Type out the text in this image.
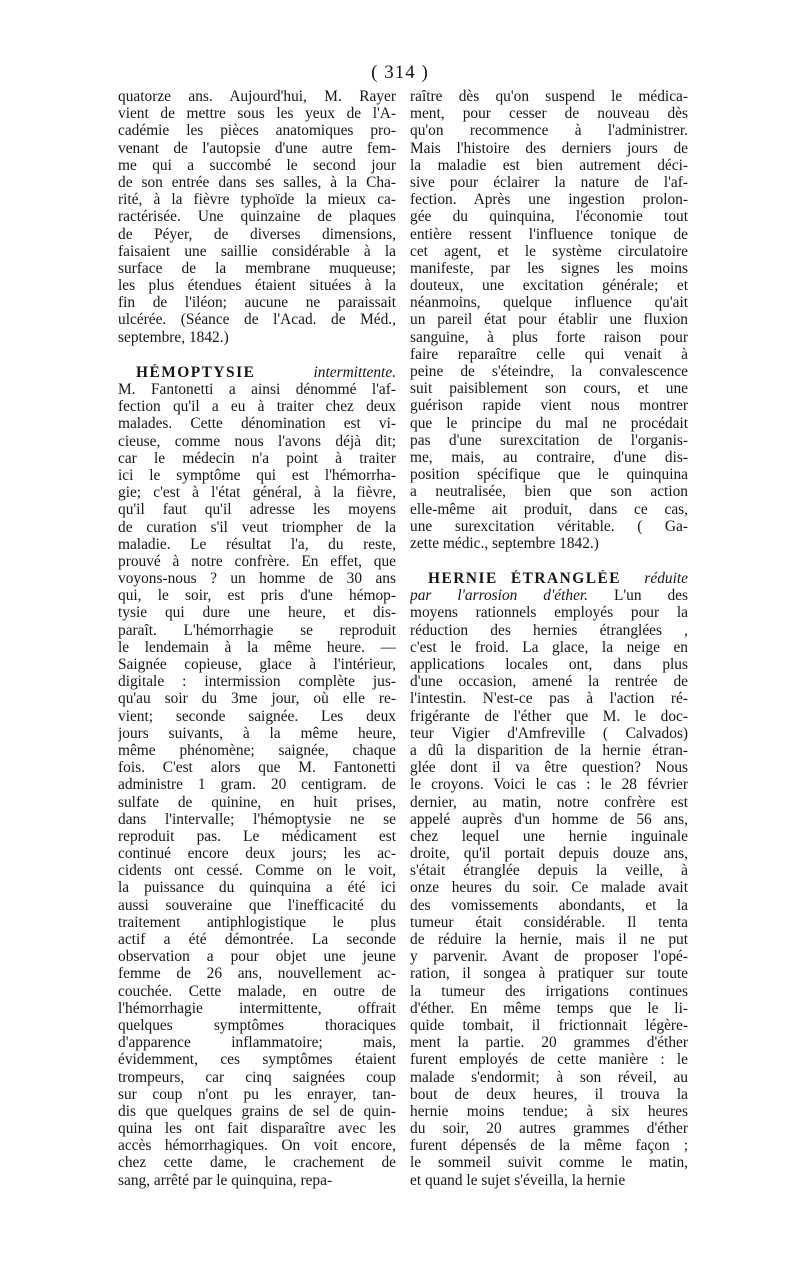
( 314 )
quatorze ans. Aujourd'hui, M. Rayer
vient de mettre sous les yeux de l'A-
cadémie les pièces anatomiques pro-
venant de l'autopsie d'une autre fem-
me qui a succombé le second jour
de son entrée dans ses salles, à la Cha-
rité, à la fièvre typhoïde la mieux ca-
ractérisée. Une quinzaine de plaques
de Péyer, de diverses dimensions,
faisaient une saillie considérable à la
surface de la membrane muqueuse;
les plus étendues étaient situées à la
fin de l'iléon; aucune ne paraissait
ulcérée. (Séance de l'Acad. de Méd.,
septembre, 1842.)
HÉMOPTYSIE	intermittente.
M. Fantonetti a ainsi dénommé l'af-
fection qu'il a eu à traiter chez deux
malades. Cette dénomination est vi-
cieuse, comme nous l'avons déjà dit;
car le médecin n'a point à traiter
ici le symptôme qui est l'hémorrha-
gie; c'est à l'état général, à la fièvre,
qu'il faut qu'il adresse les moyens
de curation s'il veut triompher de la
maladie. Le résultat l'a, du reste,
prouvé à notre confrère. En effet, que
voyons-nous ? un homme de 30 ans
qui, le soir, est pris d'une hémop-
tysie qui dure une heure, et dis-
paraît. L'hémorrhagie se reproduit
le lendemain à la même heure. —
Saignée copieuse, glace à l'intérieur,
digitale : intermission complète jus-
qu'au soir du 3me jour, où elle re-
vient; seconde saignée. Les deux
jours suivants, à la même heure,
même phénomène; saignée, chaque
fois. C'est alors que M. Fantonetti
administre 1 gram. 20 centigram. de
sulfate de quinine, en huit prises,
dans l'intervalle; l'hémoptysie ne se
reproduit pas. Le médicament est
continué encore deux jours; les ac-
cidents ont cessé. Comme on le voit,
la puissance du quinquina a été ici
aussi souveraine que l'inefficacité du
traitement antiphlogistique le plus
actif a été démontrée. La seconde
observation a pour objet une jeune
femme de 26 ans, nouvellement ac-
couchée. Cette malade, en outre de
l'hémorrhagie intermittente, offrait
quelques symptômes thoraciques
d'apparence inflammatoire; mais,
évidemment, ces symptômes étaient
trompeurs, car cinq saignées coup
sur coup n'ont pu les enrayer, tan-
dis que quelques grains de sel de quin-
quina les ont fait disparaître avec les
accès hémorrhagiques. On voit encore,
chez cette dame, le crachement de
sang, arrêté par le quinquina, repa-
raître dès qu'on suspend le médica-
ment, pour cesser de nouveau dès
qu'on recommence à l'administrer.
Mais l'histoire des derniers jours de
la maladie est bien autrement déci-
sive pour éclairer la nature de l'af-
fection. Après une ingestion prolon-
gée du quinquina, l'économie tout
entière ressent l'influence tonique de
cet agent, et le système circulatoire
manifeste, par les signes les moins
douteux, une excitation générale; et
néanmoins, quelque influence qu'ait
un pareil état pour établir une fluxion
sanguine, à plus forte raison pour
faire reparaître celle qui venait à
peine de s'éteindre, la convalescence
suit paisiblement son cours, et une
guérison rapide vient nous montrer
que le principe du mal ne procédait
pas d'une surexcitation de l'organis-
me, mais, au contraire, d'une dis-
position spécifique que le quinquina
a neutralisée, bien que son action
elle-même ait produit, dans ce cas,
une surexcitation véritable. ( Ga-
zette médic., septembre 1842.)
HERNIE ÉTRANGLÉE réduite
par l'arrosion d'éther. L'un des
moyens rationnels employés pour la
réduction des hernies étranglées ,
c'est le froid. La glace, la neige en
applications locales ont, dans plus
d'une occasion, amené la rentrée de
l'intestin. N'est-ce pas à l'action ré-
frigérante de l'éther que M. le doc-
teur Vigier d'Amfreville ( Calvados)
a dû la disparition de la hernie étran-
glée dont il va être question? Nous
le croyons. Voici le cas : le 28 février
dernier, au matin, notre confrère est
appelé auprès d'un homme de 56 ans,
chez lequel une hernie inguinale
droite, qu'il portait depuis douze ans,
s'était étranglée depuis la veille, à
onze heures du soir. Ce malade avait
des vomissements abondants, et la
tumeur était considérable. Il tenta
de réduire la hernie, mais il ne put
y parvenir. Avant de proposer l'opé-
ration, il songea à pratiquer sur toute
la tumeur des irrigations continues
d'éther. En même temps que le li-
quide tombait, il frictionnait légère-
ment la partie. 20 grammes d'éther
furent employés de cette manière : le
malade s'endormit; à son réveil, au
bout de deux heures, il trouva la
hernie moins tendue; à six heures
du soir, 20 autres grammes d'éther
furent dépensés de la même façon ;
le sommeil suivit comme le matin,
et quand le sujet s'éveilla, la hernie
